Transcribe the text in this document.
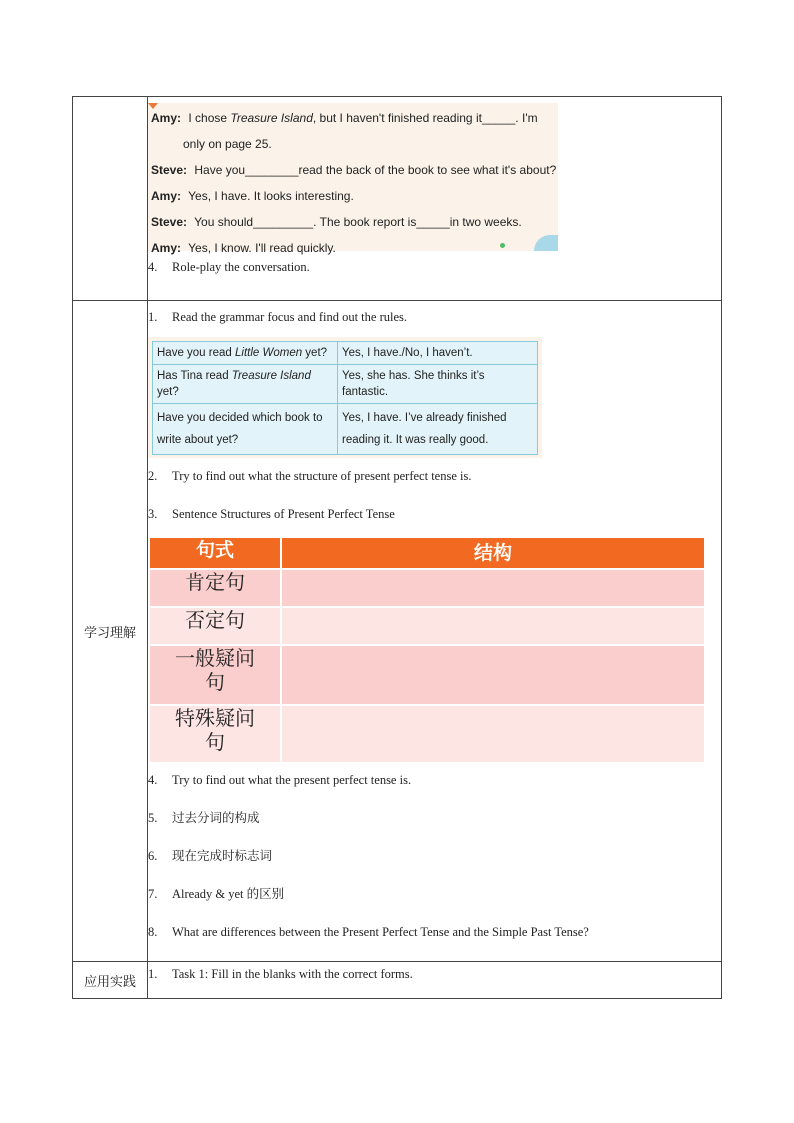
Amy: I chose Treasure Island, but I haven't finished reading it_____. I'm
only on page 25.
Steve: Have you________read the back of the book to see what it's about?
Amy: Yes, I have. It looks interesting.
Steve: You should_________. The book report is_____in two weeks.
Amy: Yes, I know. I'll read quickly.
4. Role-play the conversation.

学习理解	
1. Read the grammar focus and find out the rules.
Have you read Little Women yet?	Yes, I have./No, I haven’t.
Has Tina read Treasure Island yet?	Yes, she has. She thinks it’s fantastic.
Have you decided which book to write about yet?	Yes, I have. I’ve already finished reading it. It was really good.
2. Try to find out what the structure of present perfect tense is.
3. Sentence Structures of Present Perfect Tense
句式	结构
肯定句	
否定句	
一般疑问句	
特殊疑问句	
4. Try to find out what the present perfect tense is.
5. 过去分词的构成
6. 现在完成时标志词
7. Already & yet 的区别
8. What are differences between the Present Perfect Tense and the Simple Past Tense?

应用实践	
1. Task 1: Fill in the blanks with the correct forms.
